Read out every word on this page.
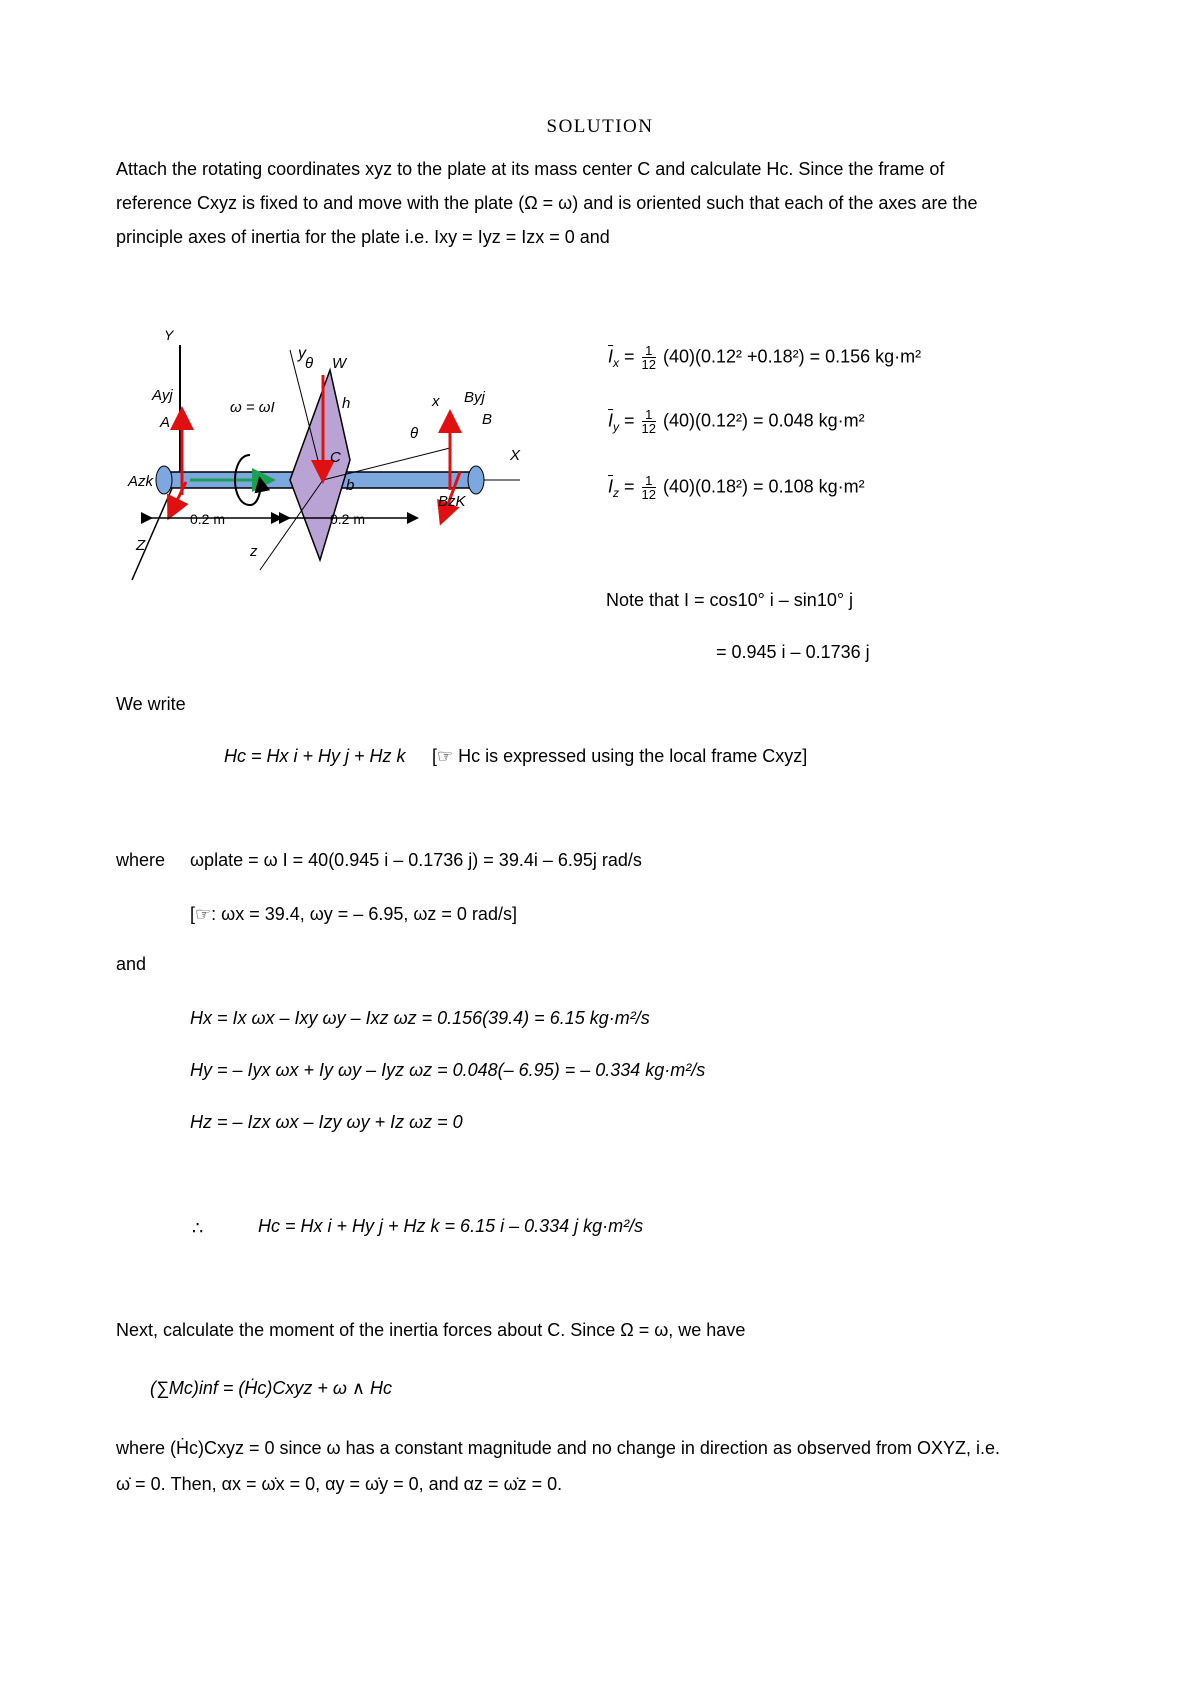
SOLUTION
Attach the rotating coordinates xyz to the plate at its mass center C and calculate Hc. Since the frame of
reference Cxyz is fixed to and move with the plate (Ω = ω) and is oriented such that each of the axes are the
principle axes of inertia for the plate i.e. Ixy = Iyz = Izx = 0 and
Y
y
θ W
Ayj
A
A
ω = ωI	h	x Byj
B
X
θ
Azk
C
b
BzK
0.2 m	0.2 m
Z	z
$\overline{I}_x = \frac{1}{12} (40)(0.12^2 +0.18^2) = 0.156$ kg·m²
$\overline{I}_y = \frac{1}{12} (40)(0.12^2) = 0.048$ kg·m²
$\overline{I}_z = \frac{1}{12} (40)(0.18^2) = 0.108$ kg·m²
Note that I = cos10° i – sin10° j
= 0.945 i – 0.1736 j
We write
Hc = Hx i + Hy j + Hz k [☞ Hc is expressed using the local frame Cxyz]
where ωplate = ω I = 40(0.945 i – 0.1736 j) = 39.4i – 6.95j rad/s
[☞: ωx = 39.4, ωy = – 6.95, ωz = 0 rad/s]
and
Hx = Ix ωx – Ixy ωy – Ixz ωz = 0.156(39.4) = 6.15 kg·m²/s
Hy = – Iyx ωx + Iy ωy – Iyz ωz = 0.048(– 6.95) = – 0.334 kg·m²/s
Hz = – Izx ωx – Izy ωy + Iz ωz = 0
∴	Hc = Hx i + Hy j + Hz k = 6.15 i – 0.334 j kg·m²/s
Next, calculate the moment of the inertia forces about C. Since Ω = ω, we have
(∑Mc)inf = (Ḣc)Cxyz + ω ∧ Hc
where (Ḣc)Cxyz = 0 since ω has a constant magnitude and no change in direction as observed from OXYZ, i.e.
ω̇ = 0. Then, αx = ω̇x = 0, αy = ω̇y = 0, and αz = ω̇z = 0.
